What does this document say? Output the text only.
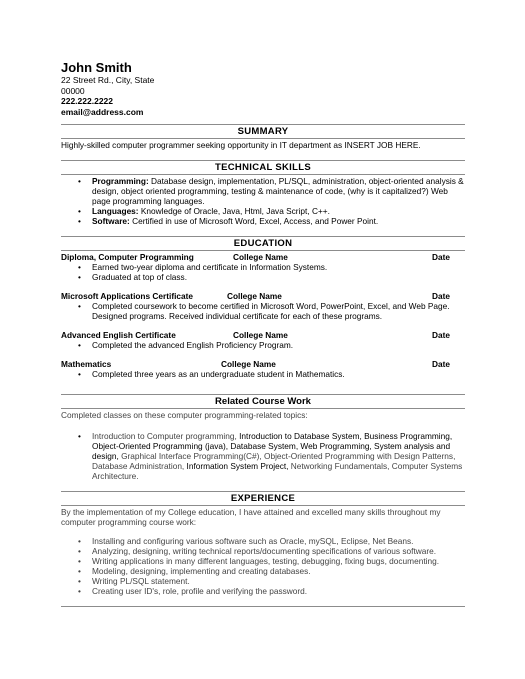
John Smith
22 Street Rd., City, State
00000
222.222.2222
email@address.com
SUMMARY
Highly-skilled computer programmer seeking opportunity in IT department as INSERT JOB HERE.
TECHNICAL SKILLS
• Programming: Database design, implementation, PL/SQL, administration, object-oriented analysis & design, object oriented programming, testing & maintenance of code, (why is it capitalized?) Web page programming languages.
• Languages: Knowledge of Oracle, Java, Html, Java Script, C++.
• Software: Certified in use of Microsoft Word, Excel, Access, and Power Point.
EDUCATION
Diploma, Computer Programming	College Name	Date
• Earned two-year diploma and certificate in Information Systems.
• Graduated at top of class.
Microsoft Applications Certificate	College Name	Date
• Completed coursework to become certified in Microsoft Word, PowerPoint, Excel, and Web Page. Designed programs. Received individual certificate for each of these programs.
Advanced English Certificate	College Name	Date
• Completed the advanced English Proficiency Program.
Mathematics	College Name	Date
• Completed three years as an undergraduate student in Mathematics.
Related Course Work
Completed classes on these computer programming-related topics:
• Introduction to Computer programming, Introduction to Database System, Business Programming, Object-Oriented Programming (java), Database System, Web Programming, System analysis and design, Graphical Interface Programming(C#), Object-Oriented Programming with Design Patterns, Database Administration, Information System Project, Networking Fundamentals, Computer Systems Architecture.
EXPERIENCE
By the implementation of my College education, I have attained and excelled many skills throughout my computer programming course work:
• Installing and configuring various software such as Oracle, mySQL, Eclipse, Net Beans.
• Analyzing, designing, writing technical reports/documenting specifications of various software.
• Writing applications in many different languages, testing, debugging, fixing bugs, documenting.
• Modeling, designing, implementing and creating databases.
• Writing PL/SQL statement.
• Creating user ID's, role, profile and verifying the password.
